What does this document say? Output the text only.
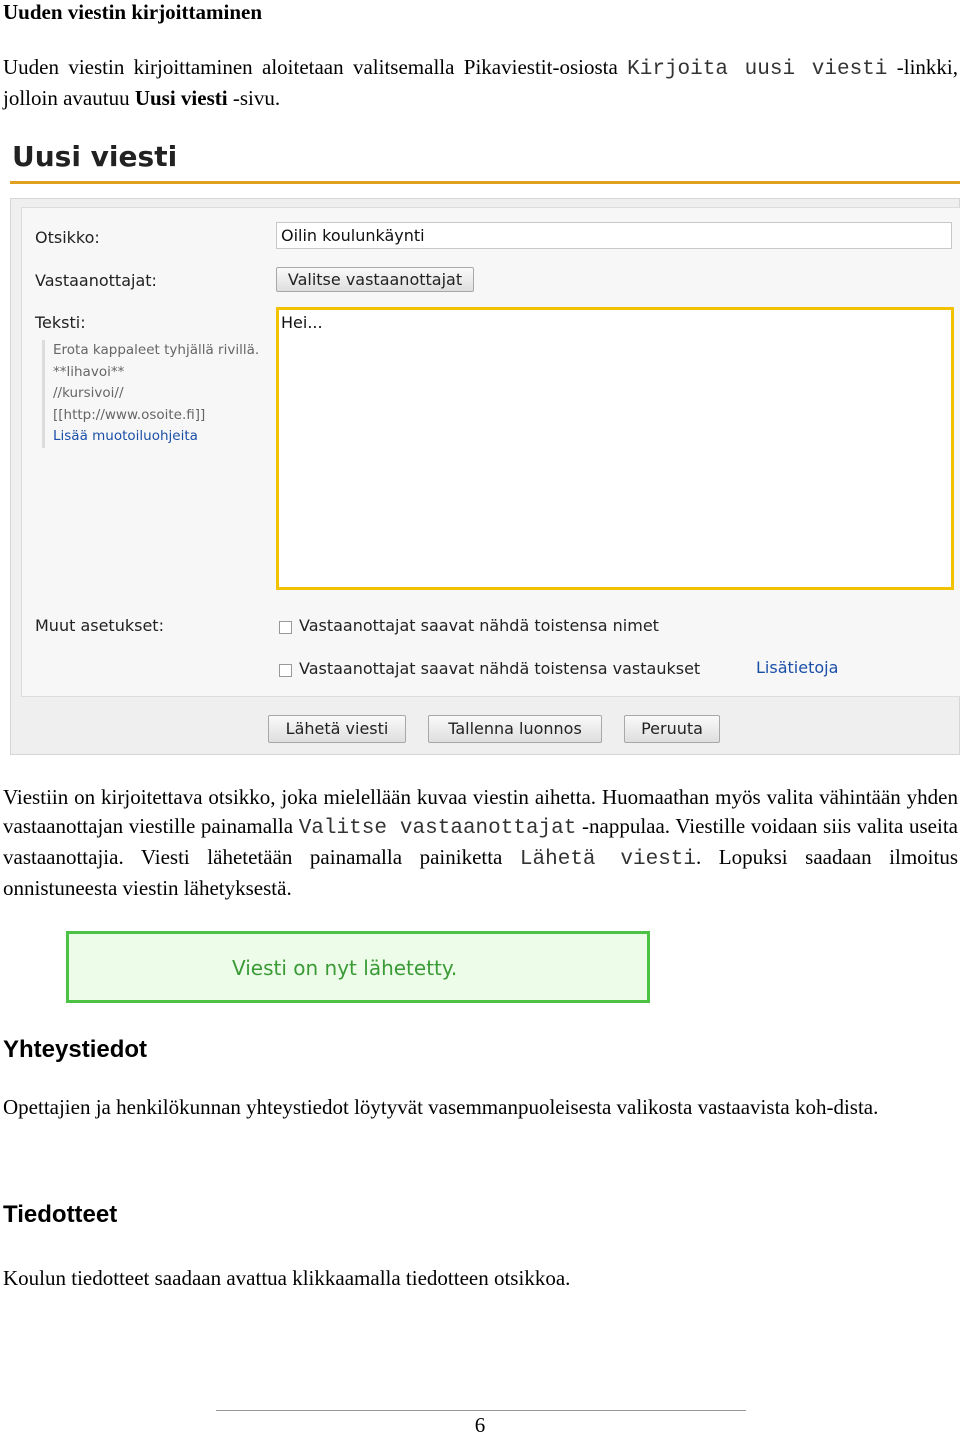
Uuden viestin kirjoittaminen

Uuden viestin kirjoittaminen aloitetaan valitsemalla Pikaviestit-osiosta Kirjoita uusi viesti -linkki, jolloin avautuu Uusi viesti -sivu.

Uusi viesti
Otsikko:	Oilin koulunkäynti
Vastaanottajat:	Valitse vastaanottajat
Teksti:
Erota kappaleet tyhjällä rivillä.
**lihavoi**
//kursivoi//
[[http://www.osoite.fi]]
Lisää muotoiluohjeita
Hei...
Muut asetukset:	Vastaanottajat saavat nähdä toistensa nimet
Vastaanottajat saavat nähdä toistensa vastaukset	Lisätietoja
Lähetä viesti	Tallenna luonnos	Peruuta

Viestiin on kirjoitettava otsikko, joka mielellään kuvaa viestin aihetta. Huomaathan myös valita vähintään yhden vastaanottajan viestille painamalla Valitse vastaanottajat -nappulaa. Viestille voidaan siis valita useita vastaanottajia. Viesti lähetetään painamalla painiketta Lähetä viesti. Lopuksi saadaan ilmoitus onnistuneesta viestin lähetyksestä.

Viesti on nyt lähetetty.
Yhteystiedot

Opettajien ja henkilökunnan yhteystiedot löytyvät vasemmanpuoleisesta valikosta vastaavista koh-dista.

Tiedotteet

Koulun tiedotteet saadaan avattua klikkaamalla tiedotteen otsikkoa.

6
